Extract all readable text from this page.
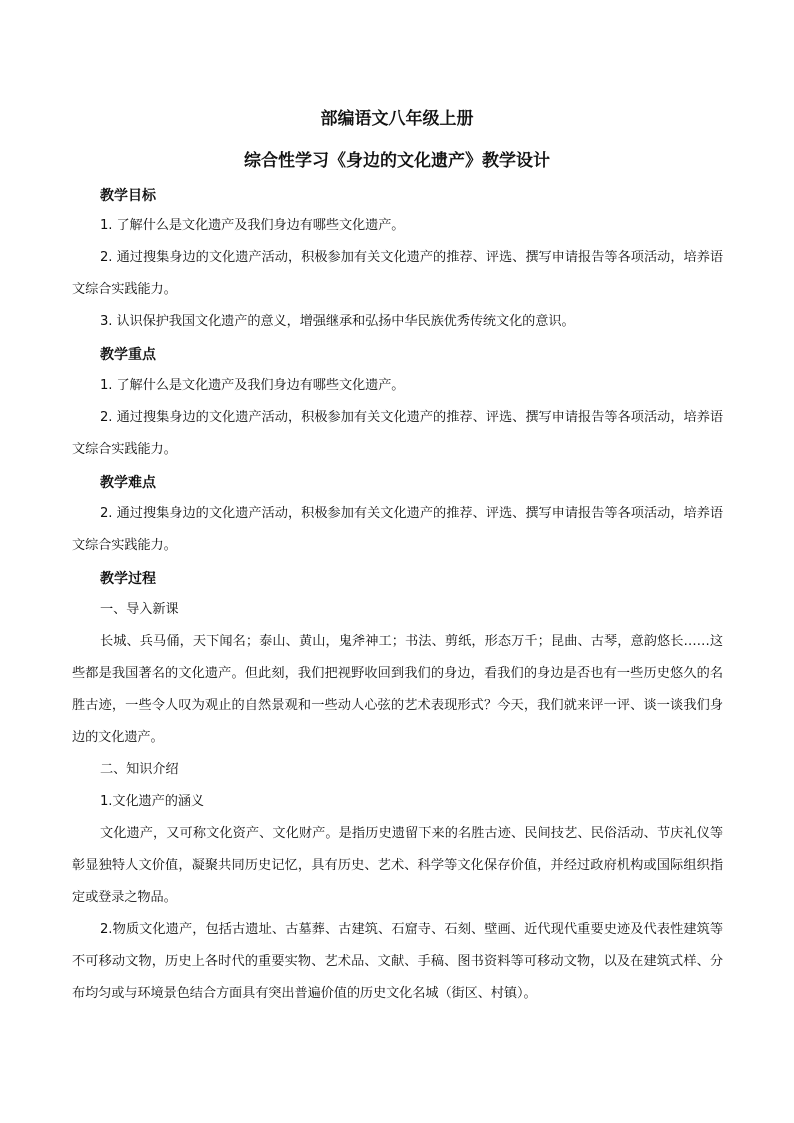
部编语文八年级上册
综合性学习《身边的文化遗产》教学设计
教学目标

1. 了解什么是文化遗产及我们身边有哪些文化遗产。

2. 通过搜集身边的文化遗产活动，积极参加有关文化遗产的推荐、评选、撰写申请报告等各项活动，培养语文综合实践能力。

3. 认识保护我国文化遗产的意义，增强继承和弘扬中华民族优秀传统文化的意识。

教学重点

1. 了解什么是文化遗产及我们身边有哪些文化遗产。

2. 通过搜集身边的文化遗产活动，积极参加有关文化遗产的推荐、评选、撰写申请报告等各项活动，培养语文综合实践能力。

教学难点

2. 通过搜集身边的文化遗产活动，积极参加有关文化遗产的推荐、评选、撰写申请报告等各项活动，培养语文综合实践能力。

教学过程

一、导入新课

长城、兵马俑，天下闻名；泰山、黄山，鬼斧神工；书法、剪纸，形态万千；昆曲、古琴，意韵悠长……这些都是我国著名的文化遗产。但此刻，我们把视野收回到我们的身边，看我们的身边是否也有一些历史悠久的名胜古迹，一些令人叹为观止的自然景观和一些动人心弦的艺术表现形式？今天，我们就来评一评、谈一谈我们身边的文化遗产。

二、知识介绍

1.文化遗产的涵义

文化遗产，又可称文化资产、文化财产。是指历史遗留下来的名胜古迹、民间技艺、民俗活动、节庆礼仪等彰显独特人文价值，凝聚共同历史记忆，具有历史、艺术、科学等文化保存价值，并经过政府机构或国际组织指定或登录之物品。

2.物质文化遗产，包括古遗址、古墓葬、古建筑、石窟寺、石刻、壁画、近代现代重要史迹及代表性建筑等不可移动文物，历史上各时代的重要实物、艺术品、文献、手稿、图书资料等可移动文物，以及在建筑式样、分布均匀或与环境景色结合方面具有突出普遍价值的历史文化名城（街区、村镇）。
